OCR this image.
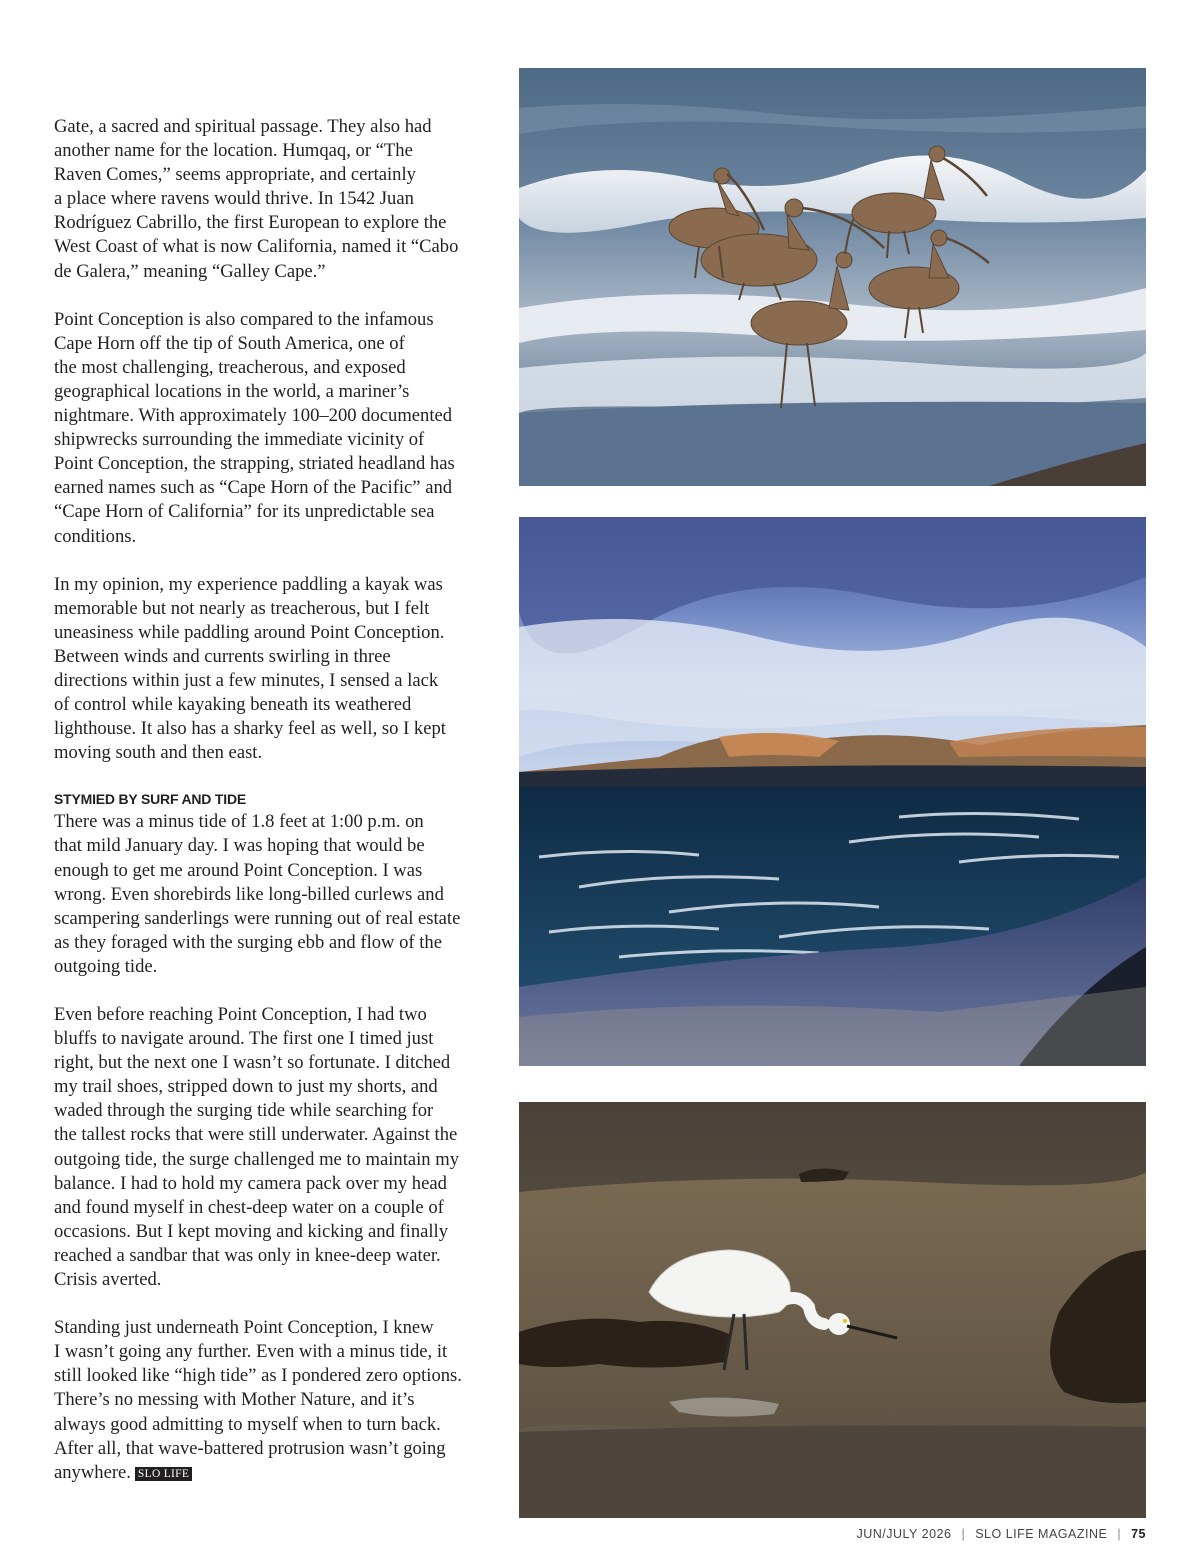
Gate, a sacred and spiritual passage. They also had
another name for the location. Humqaq, or “The
Raven Comes,” seems appropriate, and certainly
a place where ravens would thrive. In 1542 Juan
Rodríguez Cabrillo, the first European to explore the
West Coast of what is now California, named it “Cabo
de Galera,” meaning “Galley Cape.”

Point Conception is also compared to the infamous
Cape Horn off the tip of South America, one of
the most challenging, treacherous, and exposed
geographical locations in the world, a mariner’s
nightmare. With approximately 100–200 documented
shipwrecks surrounding the immediate vicinity of
Point Conception, the strapping, striated headland has
earned names such as “Cape Horn of the Pacific” and
“Cape Horn of California” for its unpredictable sea
conditions.

In my opinion, my experience paddling a kayak was
memorable but not nearly as treacherous, but I felt
uneasiness while paddling around Point Conception.
Between winds and currents swirling in three
directions within just a few minutes, I sensed a lack
of control while kayaking beneath its weathered
lighthouse. It also has a sharky feel as well, so I kept
moving south and then east.

STYMIED BY SURF AND TIDE

There was a minus tide of 1.8 feet at 1:00 p.m. on
that mild January day. I was hoping that would be
enough to get me around Point Conception. I was
wrong. Even shorebirds like long-billed curlews and
scampering sanderlings were running out of real estate
as they foraged with the surging ebb and flow of the
outgoing tide.

Even before reaching Point Conception, I had two
bluffs to navigate around. The first one I timed just
right, but the next one I wasn’t so fortunate. I ditched
my trail shoes, stripped down to just my shorts, and
waded through the surging tide while searching for
the tallest rocks that were still underwater. Against the
outgoing tide, the surge challenged me to maintain my
balance. I had to hold my camera pack over my head
and found myself in chest-deep water on a couple of
occasions. But I kept moving and kicking and finally
reached a sandbar that was only in knee-deep water.
Crisis averted.

Standing just underneath Point Conception, I knew
I wasn’t going any further. Even with a minus tide, it
still looked like “high tide” as I pondered zero options.
There’s no messing with Mother Nature, and it’s
always good admitting to myself when to turn back.
After all, that wave-battered protrusion wasn’t going
anywhere. SLO LIFE

JUN/JULY 2026 | SLO LIFE MAGAZINE | 75
